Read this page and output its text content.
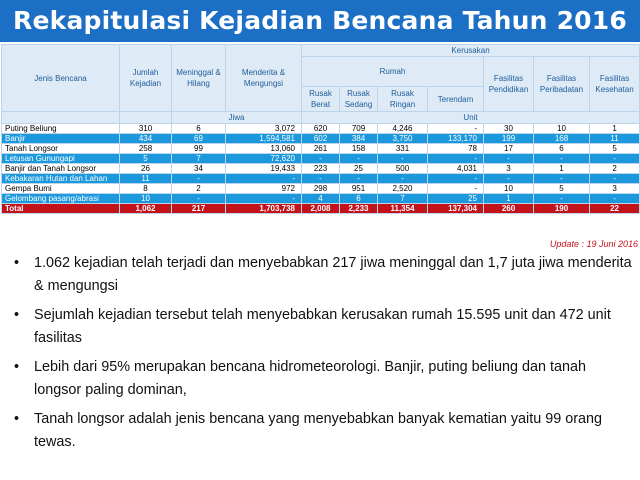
Rekapitulasi Kejadian Bencana Tahun 2016
Jenis Bencana	Jumlah Kejadian	Meninggal & Hilang	Menderita & Mengungsi	Kerusakan						
				Rumah				Fasilitas Pendidikan	Fasilitas Peribadatan	Fasilitas Kesehatan
				Rusak Berat	Rusak Sedang	Rusak Ringan	Terendam			
		Jiwa		Unit						
Puting Beliung	310	6	3,072	620	709	4,246	-	30	10	1
Banjir	434	69	1,594,581	602	384	3,750	133,170	199	168	11
Tanah Longsor	258	99	13,060	261	158	331	78	17	6	5
Letusan Gunungapi	5	7	72,620	-	-	-	-	-	-	-
Banjir dan Tanah Longsor	26	34	19,433	223	25	500	4,031	3	1	2
Kebakaran Hutan dan Lahan	11	-	-	-	-	-	-	-	-	-
Gempa Bumi	8	2	972	298	951	2,520	-	10	5	3
Gelombang pasang/abrasi	10	-	-	4	6	7	25	1	-	-
Total	1,062	217	1,703,738	2,008	2,233	11,354	137,304	260	190	22
Update : 19 Juni 2016
• 1.062 kejadian telah terjadi dan menyebabkan 217 jiwa meninggal dan 1,7 juta jiwa menderita & mengungsi
• Sejumlah kejadian tersebut telah menyebabkan kerusakan rumah 15.595 unit dan 472 unit fasilitas
• Lebih dari 95% merupakan bencana hidrometeorologi. Banjir, puting beliung dan tanah longsor paling dominan,
• Tanah longsor adalah jenis bencana yang menyebabkan banyak kematian yaitu 99 orang tewas.
